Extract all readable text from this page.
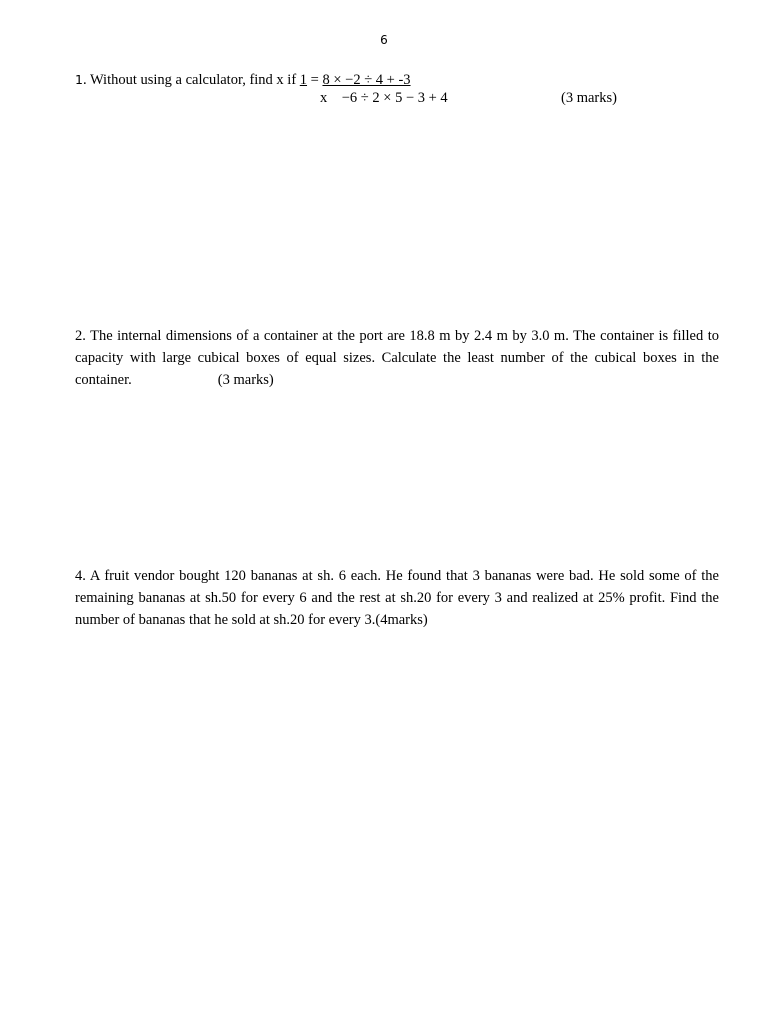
6
1. Without using a calculator, find x if 1 = 8 × −2 ÷ 4 + -3
x −6 ÷ 2 × 5 − 3 + 4	(3 marks)
2. The internal dimensions of a container at the port are 18.8 m by 2.4 m by 3.0 m. The container is filled to capacity with large cubical boxes of equal sizes. Calculate the least number of the cubical boxes in the container.	(3 marks)
4. A fruit vendor bought 120 bananas at sh. 6 each. He found that 3 bananas were bad. He sold some of the remaining bananas at sh.50 for every 6 and the rest at sh.20 for every 3 and realized at 25% profit. Find the number of bananas that he sold at sh.20 for every 3.(4marks)
